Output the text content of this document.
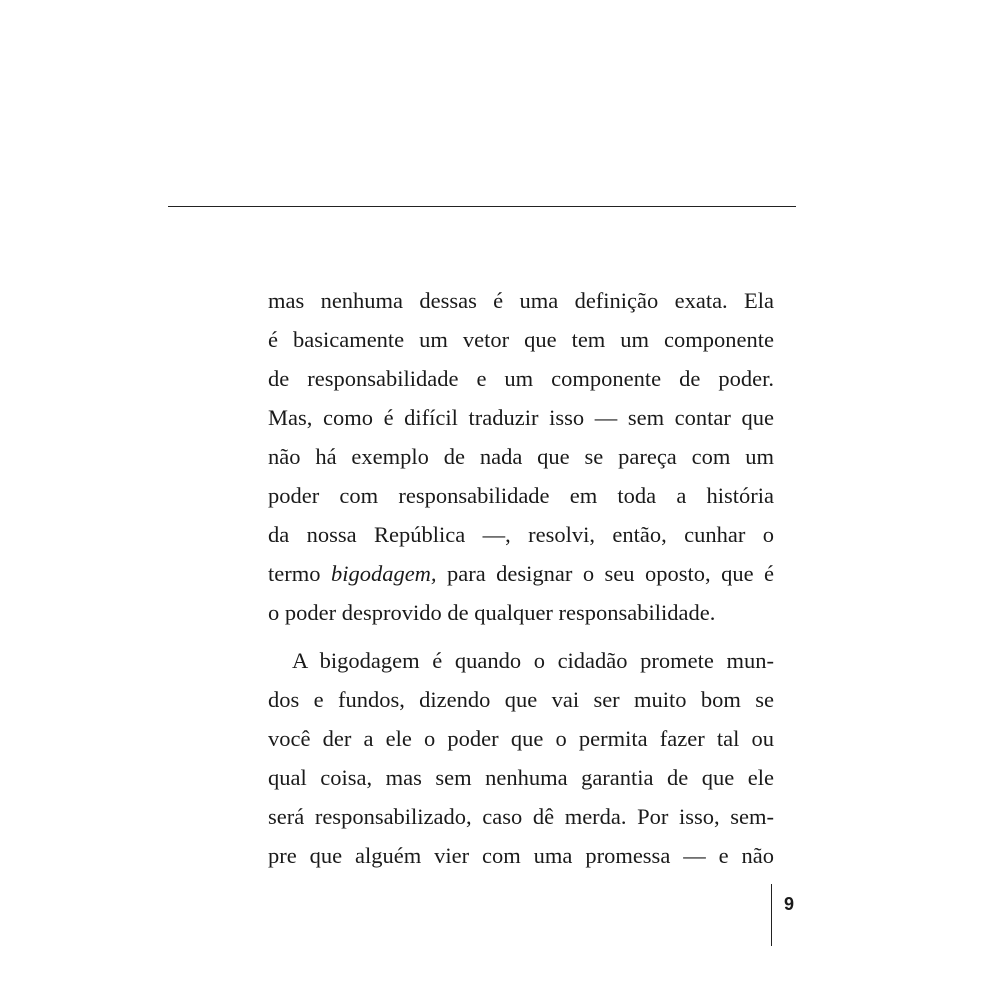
mas nenhuma dessas é uma definição exata. Ela
é basicamente um vetor que tem um componente
de responsabilidade e um componente de poder.
Mas, como é difícil traduzir isso — sem contar que
não há exemplo de nada que se pareça com um
poder com responsabilidade em toda a história
da nossa República —, resolvi, então, cunhar o
termo bigodagem, para designar o seu oposto, que é
o poder desprovido de qualquer responsabilidade.
A bigodagem é quando o cidadão promete mun-
dos e fundos, dizendo que vai ser muito bom se
você der a ele o poder que o permita fazer tal ou
qual coisa, mas sem nenhuma garantia de que ele
será responsabilizado, caso dê merda. Por isso, sem-
pre que alguém vier com uma promessa — e não
9
